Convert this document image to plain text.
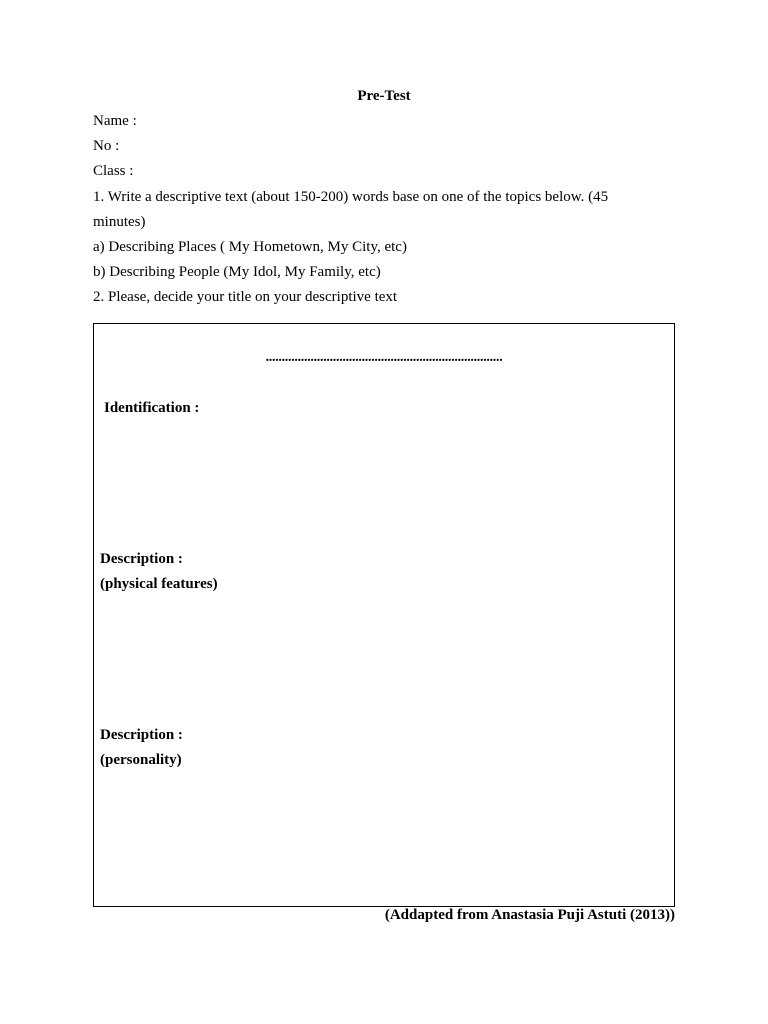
Pre-Test
Name :
No :
Class :
1. Write a descriptive text (about 150-200) words base on one of the topics below. (45
minutes)
a) Describing Places ( My Hometown, My City, etc)
b) Describing People (My Idol, My Family, etc)
2. Please, decide your title on your descriptive text
..........................................................................
Identification :
Description :
(physical features)
Description :
(personality)
(Addapted from Anastasia Puji Astuti (2013))
